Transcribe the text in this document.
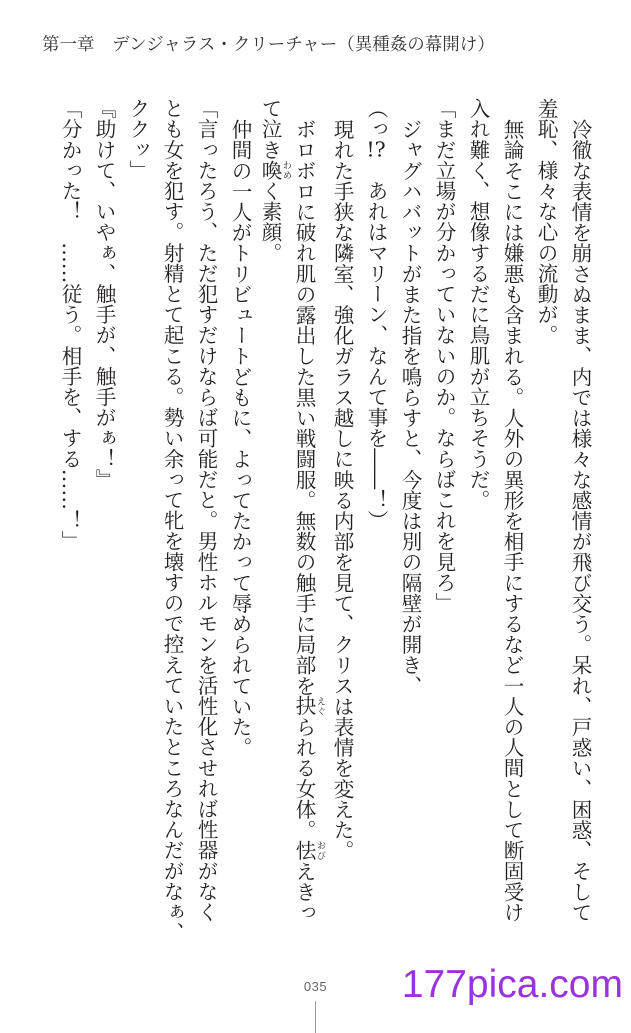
第一章　デンジャラス・クリーチャー（異種姦の幕開け）
冷徹な表情を崩さぬまま、内では様々な感情が飛び交う。呆れ、戸惑い、困惑、そして
羞恥、様々な心の流動が。
無論そこには嫌悪も含まれる。人外の異形を相手にするなど一人の人間として断固受け
入れ難く、想像するだに鳥肌が立ちそうだ。
「まだ立場が分かっていないのか。ならばこれを見ろ」
ジャグハバットがまた指を鳴らすと、今度は別の隔壁が開き、
（っ!?　あれはマリーン、なんて事を――！）
現れた手狭な隣室、強化ガラス越しに映る内部を見て、クリスは表情を変えた。
ボロボロに破れ肌の露出した黒い戦闘服。無数の触手に局部を抉 えぐられる女体。怯 おびえきっ
て泣き喚 わめく素顔。
仲間の一人がトリビュートどもに、よってたかって辱められていた。
「言ったろう、ただ犯すだけならば可能だと。男性ホルモンを活性化させれば性器がなく
とも女を犯す。射精とて起こる。勢い余って牝を壊すので控えていたところなんだがなぁ、
ククッ」
『助けて、いやぁ、触手が、触手がぁ！』
「分かった！　……従う。相手を、する……！」
035	177pica.com
